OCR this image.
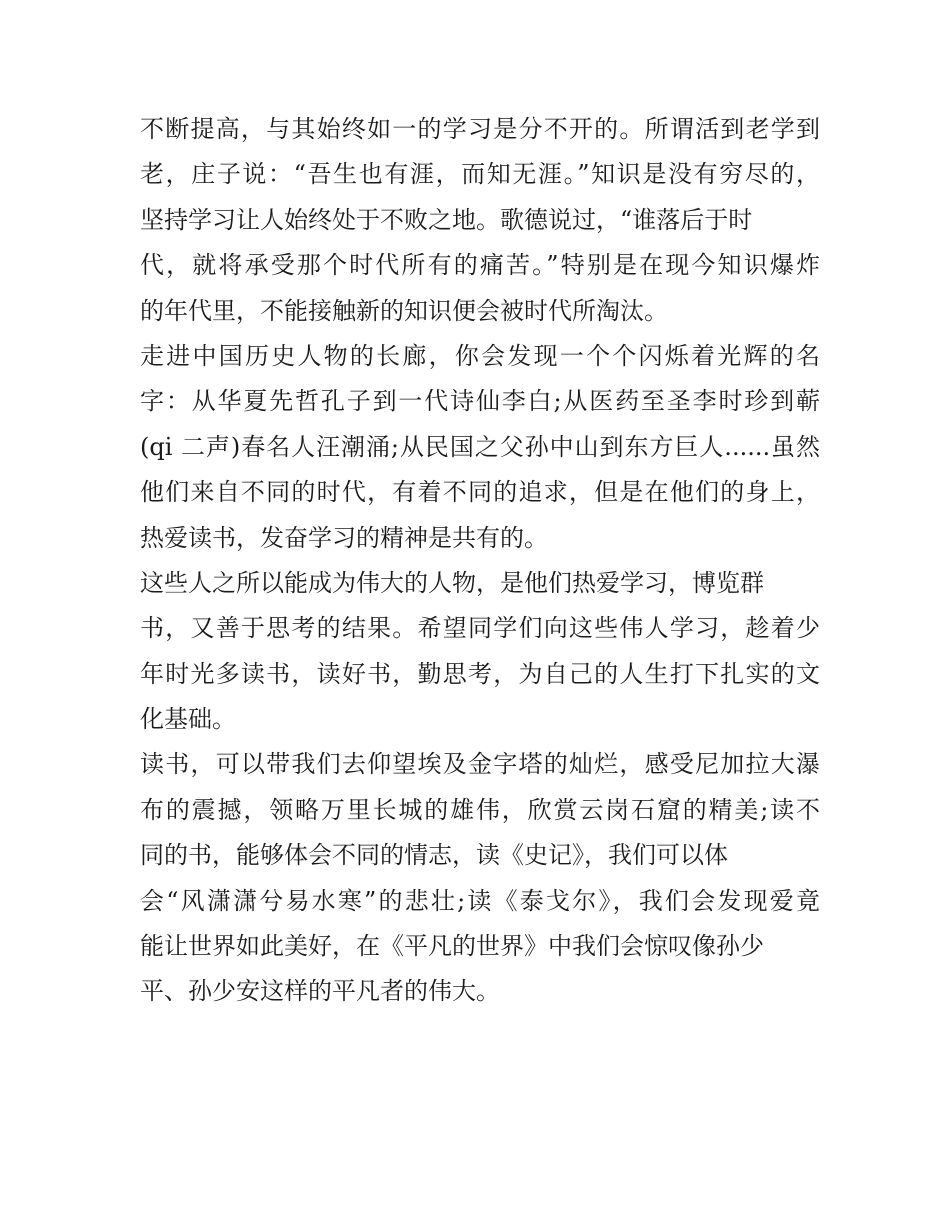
不断提高，与其始终如一的学习是分不开的。所谓活到老学到
老，庄子说：“吾生也有涯，而知无涯。”知识是没有穷尽的，
坚持学习让人始终处于不败之地。歌德说过，“谁落后于时
代，就将承受那个时代所有的痛苦。”特别是在现今知识爆炸
的年代里，不能接触新的知识便会被时代所淘汰。
走进中国历史人物的长廊，你会发现一个个闪烁着光辉的名
字：从华夏先哲孔子到一代诗仙李白;从医药至圣李时珍到蕲
(qi 二声)春名人汪潮涌;从民国之父孙中山到东方巨人......虽然
他们来自不同的时代，有着不同的追求，但是在他们的身上，
热爱读书，发奋学习的精神是共有的。
这些人之所以能成为伟大的人物，是他们热爱学习，博览群
书，又善于思考的结果。希望同学们向这些伟人学习，趁着少
年时光多读书，读好书，勤思考，为自己的人生打下扎实的文
化基础。
读书，可以带我们去仰望埃及金字塔的灿烂，感受尼加拉大瀑
布的震撼，领略万里长城的雄伟，欣赏云岗石窟的精美;读不
同的书，能够体会不同的情志，读《史记》，我们可以体
会“风潇潇兮易水寒”的悲壮;读《泰戈尔》，我们会发现爱竟
能让世界如此美好，在《平凡的世界》中我们会惊叹像孙少
平、孙少安这样的平凡者的伟大。
